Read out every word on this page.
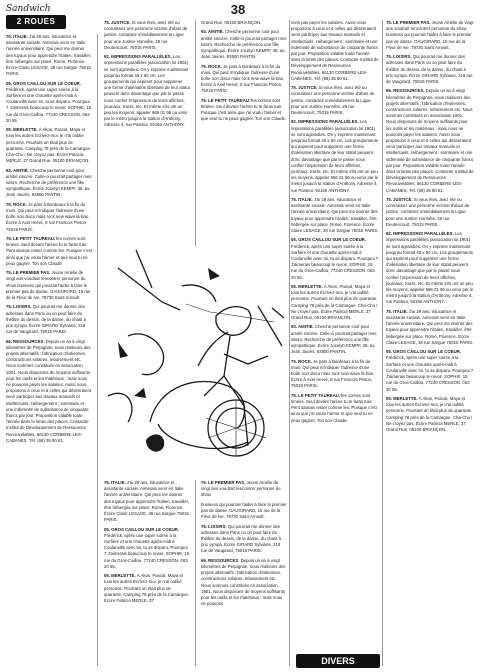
Sandwich	38
2 ROUES

75. ITALIE. J'ai 29 ans, éducatrice et assistante sociale. Aimerais venir en Italie l'année universitaire. Qui peut me donner des tuyaux pour apprendre l'italien, travailler, être hébergée sur place. Rome, Florence. Écrire Claire LESAGE, 38 rue Sargue 75015 PARIS.

05. GROS CAILLOU SUR LE COEUR. Frédérick, après une super soirée à la Sorfière et une chouette après-midi à Coulanville avec toi, tu as disparu. Pourquoi ? J'aimerais beaucoup te revoir. SOPHIE, 15 rue du Gros-Caillou, 77240 CRESSON. 063 20 55.

05. MERLETTE. À Akos, Pascal, Maya et tous les autres Écrivez-moi, je n'ai oublié personne. Pourtant on était plus de quarante. Camping 78 près de la Camargue. Cha-Cho ! Ne croyez pas. Écrire Patricia MERLE, 37 Grand Rue, 05100 BRIANÇON.

93. AMITIÉ. Cherche personne cool pour amitié sincère. Celle-ci pourrait partager mes loisirs. Recherche de préférence une fille sympathique. Écrire Jocelyn KEMPF, 38, av. Jean Jaurès, 93500 PANTIN.

75. ROCK. Je pars à Bordeaux à la fin du mois. Qui peut m'indiquer l'adresse d'une boîte non disco mais rock new wave là-bas. Écrire à Axel Hervé, 8 rue Francois Pinton, 75019 PARIS.

75. LE PETIT TAUREAU.Tes cornes sont timées. Seul devant l'arène tu te faras tuer. Pent saurais rester comme les. Puisque c'est ainsi que j'ai voulu l'aimer et que seul tu ne peux gagner. Ton son Claude.

75. LE PREMIER PAS. Jeune Amélie de vingt ans voudrait rencontrer personne du show business qui pourrait l'aider à faire le premier pas de danse. GAUGIRARD, 15 rue de la Fleur de Ive, 78730 Saint Arnoult.

75. LOISIRS. Qui pourrait me donner des adresses dans Paris ou on peut faire du théâtre du dessin, de la danse, du chant à prix sympa. Écrire GIRARD Sylviane, 218 rue de Vaugirard, 75015 PARIS.

66. RESSOURCES. Depuis un an à vingt kilomètres de Perpignan, nous réalisons des projets alternatifs : fabrication d'éoliennes, constructions solaires, reboisement etc. Nous sommes constitués en association 1901. Nous disposons de moyens suffisants pour les outils et les matériaux : mais nous ne pouvons payer les salaires. Aussi nous proposons à ceux et à celles qui désireraient venir participer aux travaux manuels et intellectuels. Hébergement : sommaire et une indemnité de subsistance de cinquante francs par jour. Proposition valable toute l'année dans la limite des places. Contacter Institut de Développement de Ressources Renouvelables, 66130 CORBERE-LES-CABANES. Tél. (68) 35 80 61.

75. JUSTICE. Si vous êtes, avez été ou connaissez une personne victime d'abus de justice, contactez immédiatement la Ligue pour une Justice Honnête, 26 rue Deutencourt, 75015 PARIS.

92. IMPRESSIONS PARALLÈLES. Les impressions parallèles (association loi 1901) se sont agrandies. On y imprime maintenant jusqu'au format 45 x 60 cm. Les groupements qui aspirent pour supprimer une forme d'aliénation libertaire de leur statut peuvent donc davantage que par le passé nous confier l'impression de leurs affiches, journaux, tracts, etc. Et même s'ils ont un peu les moyens, appeler 666 01 96 ou venir par le métro jusqu'à la station d'Anthony. Adresse 4, rue Pasteur, 92160 ANTHONY.

Grand Rue, 05100 BRIANÇON.

93. AMITIÉ. Cherche personne cool pour amitié sincère. Celle-ci pourrait partager mes loisirs. Recherche de préférence une fille sympathique. Écrire Jocelyn KEMPF, 38, av. Jean Jaurès, 93500 PANTIN.

75. ROCK. Je pars à Bordeaux à la fin du mois. Qui peut m'indiquer l'adresse d'une boîte non disco mais rock new wave là-bas. Écrire à Axel Hervé, 8 rue Francois Pinton, 75019 PARIS.

75. LE PETIT TAUREAU.Tes cornes sont timées. Seul devant l'arène tu te faras tuer. Puisque c'est ainsi que j'ai voulu l'aimer et que seul tu ne peux gagner. Ton son Claude.

75. ITALIE. J'ai 29 ans, éducatrice et assistante sociale. Aimerais venir en Italie l'année universitaire. Qui peut me donner des tuyaux pour apprendre l'italien, travailler, être hébergée sur place. Rome, Florence. Écrire Claire LESAGE, 38 rue Sargue 75015 PARIS.

05. GROS CAILLOU SUR LE COEUR. Frédérick, après une super soirée à la Sorfière et une chouette après-midi à Coulanville avec toi, tu as disparu. Pourquoi ? J'aimerais beaucoup te revoir. SOPHIE, 15 rue du Gros-Caillou, 77240 CRESSON. 063 20 55.

05. MERLETTE. À Akos, Pascal, Maya et tous les autres Écrivez-moi, je n'ai oublié personne. Pourtant on était plus de quarante. Camping 78 près de la Camargue. Écrire Patricia MERLE, 37

75. LE PREMIER PAS. Jeune Amélie de vingt ans voudrait rencontrer personne du show

business qui pourrait l'aider à faire le premier pas de danse. GAUGIRARD, 15 rue de la Fleur de Ive, 78730 Saint Arnoult.

75. LOISIRS. Qui pourrait me donner des adresses dans Paris ou on peut faire du théâtre du dessin, de la danse, du chant à prix sympa. Écrire GIRARD Sylviane, 218 rue de Vaugirard, 75015 PARIS.

66. RESSOURCES. Depuis un an à vingt kilomètres de Perpignan, nous réalisons des projets alternatifs : fabrication d'éoliennes, constructions solaires, reboisement etc. Nous sommes constitués en association 1901. Nous disposons de moyens suffisants pour les outils et les matériaux : mais nous ne pouvons

vons pas payer les salaires. Aussi nous proposons à ceux et à celles qui désireraient venir participer aux travaux manuels et intellectuels. Hébergement : sommaire et une indemnité de subsistance de cinquante francs par jour. Proposition valable toute l'année dans la limite des places. Contacter Institut de Développement de Ressources Renouvelables, 66130 CORBERE-LES-CABANES. Tél. (68) 35 80 61.

75. JUSTICE. Si vous êtes, avez été ou connaissez une personne victime d'abus de justice, contactez immédiatement la Ligue pour une Justice Honnête, 26 rue Deutencourt, 75015 PARIS.

92. IMPRESSIONS PARALLÈLES. Les impressions parallèles (association loi 1901) se sont agrandies. On y imprime maintenant jusqu'au format 45 x 60 cm. Les groupements qui aspirent pour supprimer une forme d'aliénation libertaire de leur statut peuvent donc davantage que par le passé nous confier l'impression de leurs affiches, journaux, tracts, etc. Et même s'ils ont un peu les moyens, appeler 666 01 96 ou venir par le métro jusqu'à la station d'Anthony. Adresse 4, rue Pasteur, 92160 ANTHONY.

75. ITALIE. J'ai 29 ans, éducatrice et assistante sociale. Aimerais venir en Italie l'année universitaire. Qui peut me donner des tuyaux pour apprendre l'italien, travailler, être hébergée sur place. Rome, Florence. Écrire Claire LESAGE, 38 rue Sargue 75015 PARIS.

05. GROS CAILLOU SUR LE COEUR. Frédérick, après une super soirée à la Sorfière et une chouette après-midi à Coulanville avec toi, tu as disparu. Pourquoi ? J'aimerais beaucoup te revoir. SOPHIE, 15 rue du Gros-Caillou, 77240 CRESSON. 063 20 55.

05. MERLETTE. À Akos, Pascal, Maya et tous les autres Écrivez-moi, je n'ai oublié personne. Pourtant on était plus de quarante. Camping 78 près de la Camargue. Cha-Cho ! Ne croyez pas. Écrire Patricia MERLE, 37 Grand Rue, 05100 BRIANÇON.

93. AMITIÉ. Cherche personne cool pour amitié sincère. Celle-ci pourrait partager mes loisirs. Recherche de préférence une fille sympathique. Écrire Jocelyn KEMPF, 38, av. Jean Jaurès, 93500 PANTIN.

75. ROCK. Je pars à Bordeaux à la fin du mois. Qui peut m'indiquer l'adresse d'une boîte non disco mais rock new wave là-bas. Écrire à Axel Hervé, 8 rue Francois Pinton, 75019 PARIS.

75. LE PETIT TAUREAU.Tes cornes sont timées. Seul devant l'arène tu te faras tuer. Pent saurais rester comme les. Puisque c'est ainsi que j'ai voulu l'aimer et que seul tu ne peux gagner. Ton son Claude.

75. LE PREMIER PAS. Jeune Amélie de vingt ans voudrait rencontrer personne du show business qui pourrait l'aider à faire le premier pas de danse. GAUGIRARD, 15 rue de la Fleur de Ive, 78730 Saint Arnoult.

75. LOISIRS. Qui pourrait me donner des adresses dans Paris ou on peut faire du théâtre du dessin, de la danse, du chant à prix sympa. Écrire GIRARD Sylviane, 218 rue de Vaugirard, 75015 PARIS.

66. RESSOURCES. Depuis un an à vingt kilomètres de Perpignan, nous réalisons des projets alternatifs : fabrication d'éoliennes, constructions solaires, reboisement etc. Nous sommes constitués en association 1901. Nous disposons de moyens suffisants pour les outils et les matériaux : mais nous ne pouvons payer les salaires. Aussi nous proposons à ceux et à celles qui désireraient venir participer aux travaux manuels et intellectuels. Hébergement : sommaire et une indemnité de subsistance de cinquante francs par jour. Proposition valable toute l'année dans la limite des places. Contacter Institut de Développement de Ressources Renouvelables, 66130 CORBERE-LES-CABANES. Tél. (68) 35 80 61.

75. JUSTICE. Si vous êtes, avez été ou connaissez une personne victime d'abus de justice, contactez immédiatement la Ligue pour une Justice Honnête, 26 rue Deutencourt, 75015 PARIS.

92. IMPRESSIONS PARALLÈLES. Les impressions parallèles (association loi 1901) se sont agrandies. On y imprime maintenant jusqu'au format 45 x 60 cm. Les groupements qui aspirent pour supprimer une forme d'aliénation libertaire de leur statut peuvent donc davantage que par le passé nous confier l'impression de leurs affiches, journaux, tracts, etc. Et même s'ils ont un peu les moyens, appeler 666 01 96 ou venir par le métro jusqu'à la station d'Anthony. Adresse 4, rue Pasteur, 92160 ANTHONY.

75. ITALIE. J'ai 29 ans, éducatrice et assistante sociale. Aimerais venir en Italie l'année universitaire. Qui peut me donner des tuyaux pour apprendre l'italien, travailler, être hébergée sur place. Rome, Florence. Écrire Claire LESAGE, 38 rue Sargue 75015 PARIS.

05. GROS CAILLOU SUR LE COEUR. Frédérick, après une super soirée à la Sorfière et une chouette après-midi à Coulanville avec toi, tu as disparu. Pourquoi ? J'aimerais beaucoup te revoir. SOPHIE, 15 rue du Gros-Caillou, 77240 CRESSON. 063 20 55.

05. MERLETTE. À Akos, Pascal, Maya et tous les autres Écrivez-moi, je n'ai oublié personne. Pourtant on était plus de quarante. Camping 78 près de la Camargue. Cha-Cho ! Ne croyez pas. Écrire Patricia MERLE, 37 Grand Rue, 05100 BRIANÇON.

DIVERS
